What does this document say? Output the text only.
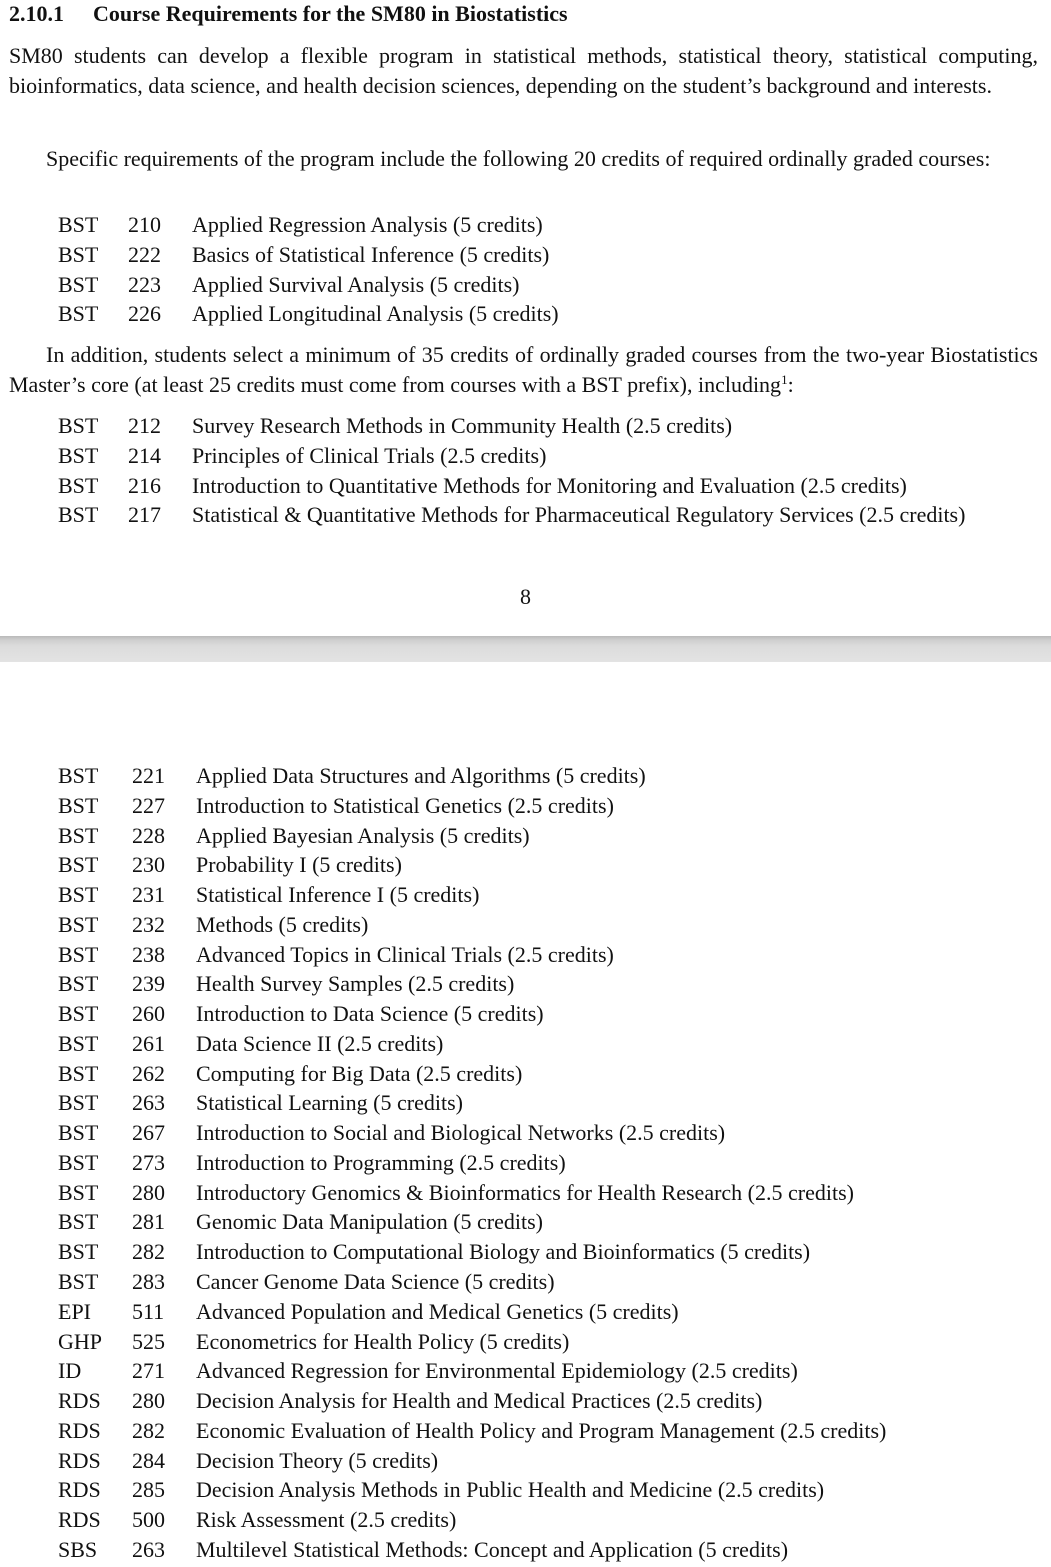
2.10.1 Course Requirements for the SM80 in Biostatistics
SM80 students can develop a flexible program in statistical methods, statistical theory, statistical computing, bioinformatics, data science, and health decision sciences, depending on the student’s background and interests.
Specific requirements of the program include the following 20 credits of required ordinally graded courses:
BST	210	Applied Regression Analysis (5 credits)
BST	222	Basics of Statistical Inference (5 credits)
BST	223	Applied Survival Analysis (5 credits)
BST	226	Applied Longitudinal Analysis (5 credits)
In addition, students select a minimum of 35 credits of ordinally graded courses from the two-year Biostatistics Master’s core (at least 25 credits must come from courses with a BST prefix), including$^1$:
BST	212	Survey Research Methods in Community Health (2.5 credits)
BST	214	Principles of Clinical Trials (2.5 credits)
BST	216	Introduction to Quantitative Methods for Monitoring and Evaluation (2.5 credits)
BST	217	Statistical & Quantitative Methods for Pharmaceutical Regulatory Services (2.5 credits)
8
BST	221	Applied Data Structures and Algorithms (5 credits)
BST	227	Introduction to Statistical Genetics (2.5 credits)
BST	228	Applied Bayesian Analysis (5 credits)
BST	230	Probability I (5 credits)
BST	231	Statistical Inference I (5 credits)
BST	232	Methods (5 credits)
BST	238	Advanced Topics in Clinical Trials (2.5 credits)
BST	239	Health Survey Samples (2.5 credits)
BST	260	Introduction to Data Science (5 credits)
BST	261	Data Science II (2.5 credits)
BST	262	Computing for Big Data (2.5 credits)
BST	263	Statistical Learning (5 credits)
BST	267	Introduction to Social and Biological Networks (2.5 credits)
BST	273	Introduction to Programming (2.5 credits)
BST	280	Introductory Genomics & Bioinformatics for Health Research (2.5 credits)
BST	281	Genomic Data Manipulation (5 credits)
BST	282	Introduction to Computational Biology and Bioinformatics (5 credits)
BST	283	Cancer Genome Data Science (5 credits)
EPI	511	Advanced Population and Medical Genetics (5 credits)
GHP	525	Econometrics for Health Policy (5 credits)
ID	271	Advanced Regression for Environmental Epidemiology (2.5 credits)
RDS	280	Decision Analysis for Health and Medical Practices (2.5 credits)
RDS	282	Economic Evaluation of Health Policy and Program Management (2.5 credits)
RDS	284	Decision Theory (5 credits)
RDS	285	Decision Analysis Methods in Public Health and Medicine (2.5 credits)
RDS	500	Risk Assessment (2.5 credits)
SBS	263	Multilevel Statistical Methods: Concept and Application (5 credits)
